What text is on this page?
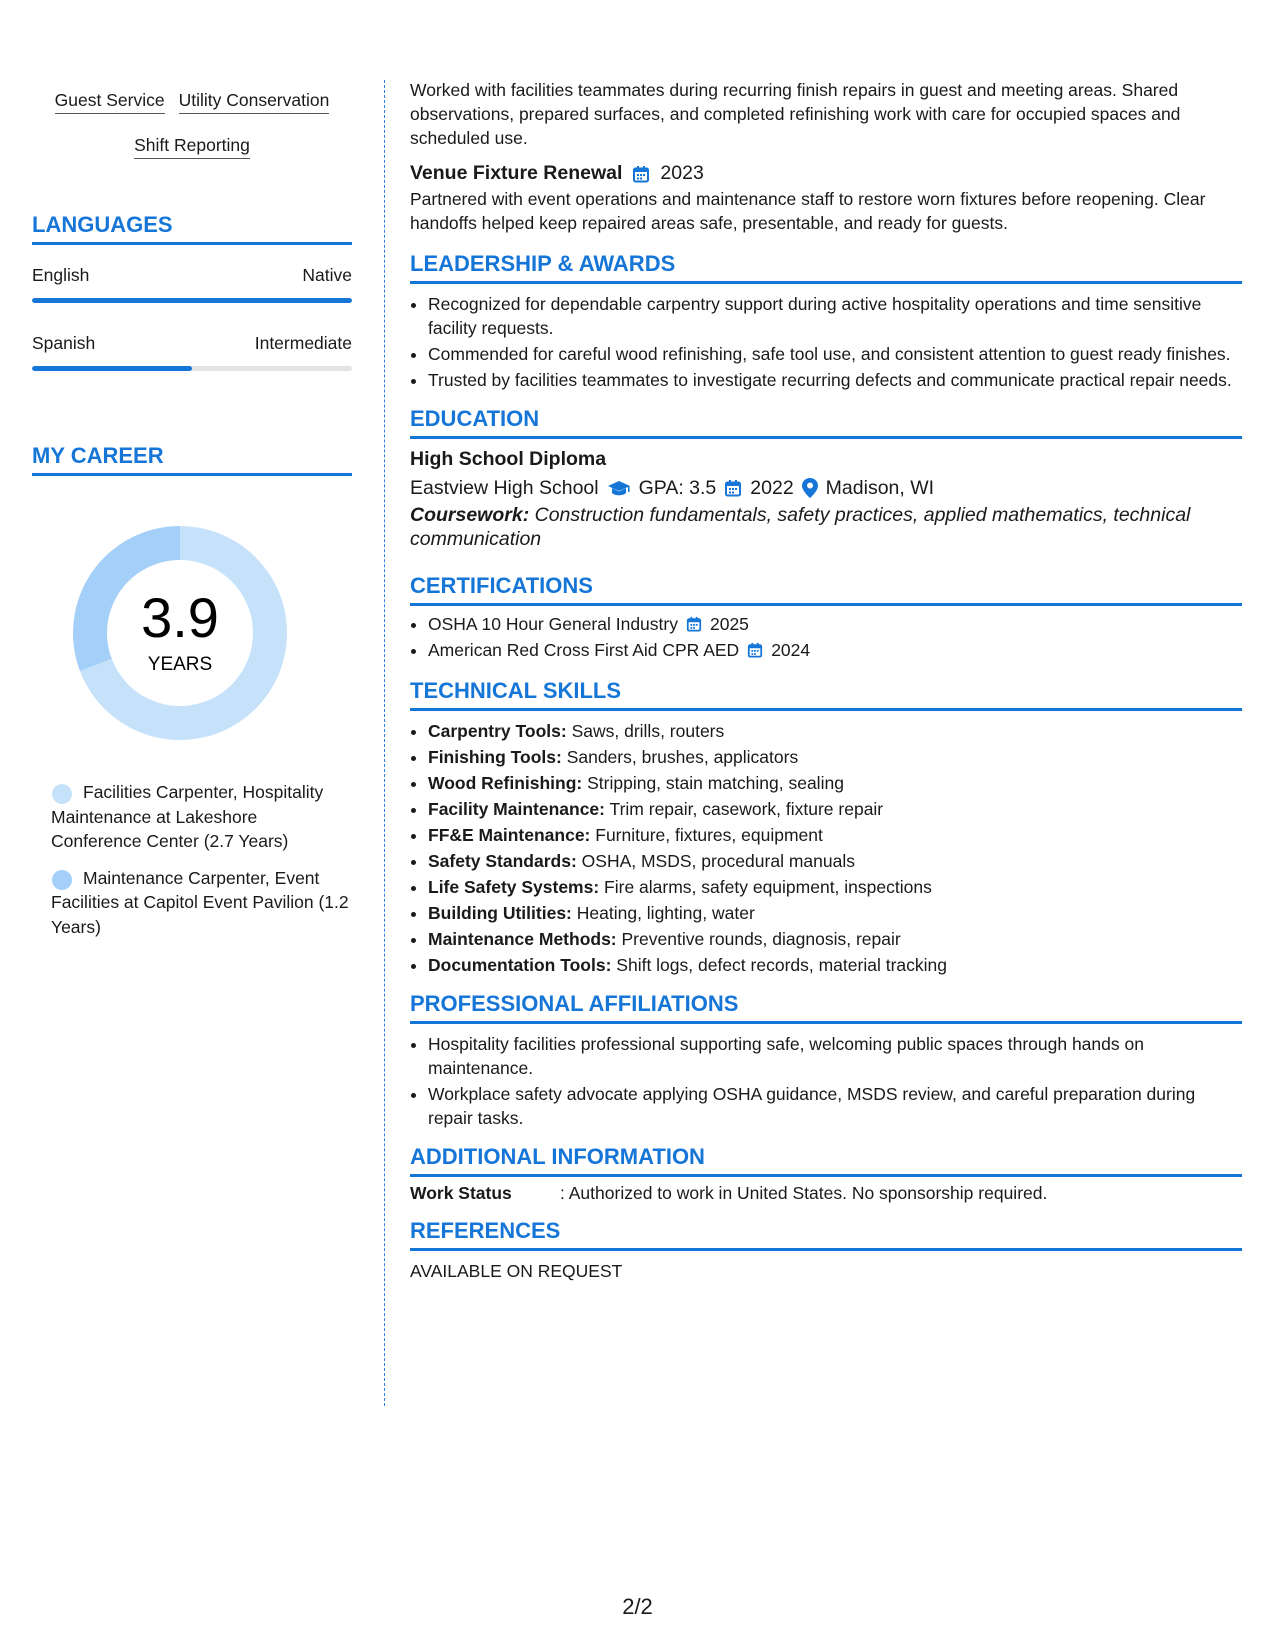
Guest Service Utility Conservation
Shift Reporting
LANGUAGES
English	Native
Spanish	Intermediate
MY CAREER
3.9
YEARS
Facilities Carpenter, Hospitality Maintenance at Lakeshore Conference Center (2.7 Years)
Maintenance Carpenter, Event Facilities at Capitol Event Pavilion (1.2 Years)

Worked with facilities teammates during recurring finish repairs in guest and meeting areas. Shared observations, prepared surfaces, and completed refinishing work with care for occupied spaces and scheduled use.

Venue Fixture Renewal 2023

Partnered with event operations and maintenance staff to restore worn fixtures before reopening. Clear handoffs helped keep repaired areas safe, presentable, and ready for guests.

LEADERSHIP & AWARDS
• Recognized for dependable carpentry support during active hospitality operations and time sensitive facility requests.
• Commended for careful wood refinishing, safe tool use, and consistent attention to guest ready finishes.
• Trusted by facilities teammates to investigate recurring defects and communicate practical repair needs.
EDUCATION
High School Diploma
Eastview High School GPA: 3.5 2022 Madison, WI
Coursework: Construction fundamentals, safety practices, applied mathematics, technical communication
CERTIFICATIONS
• OSHA 10 Hour General Industry 2025
• American Red Cross First Aid CPR AED 2024
TECHNICAL SKILLS
• Carpentry Tools: Saws, drills, routers
• Finishing Tools: Sanders, brushes, applicators
• Wood Refinishing: Stripping, stain matching, sealing
• Facility Maintenance: Trim repair, casework, fixture repair
• FF&E Maintenance: Furniture, fixtures, equipment
• Safety Standards: OSHA, MSDS, procedural manuals
• Life Safety Systems: Fire alarms, safety equipment, inspections
• Building Utilities: Heating, lighting, water
• Maintenance Methods: Preventive rounds, diagnosis, repair
• Documentation Tools: Shift logs, defect records, material tracking
PROFESSIONAL AFFILIATIONS
• Hospitality facilities professional supporting safe, welcoming public spaces through hands on maintenance.
• Workplace safety advocate applying OSHA guidance, MSDS review, and careful preparation during repair tasks.
ADDITIONAL INFORMATION
Work Status	: Authorized to work in United States. No sponsorship required.
REFERENCES
AVAILABLE ON REQUEST
2/2
